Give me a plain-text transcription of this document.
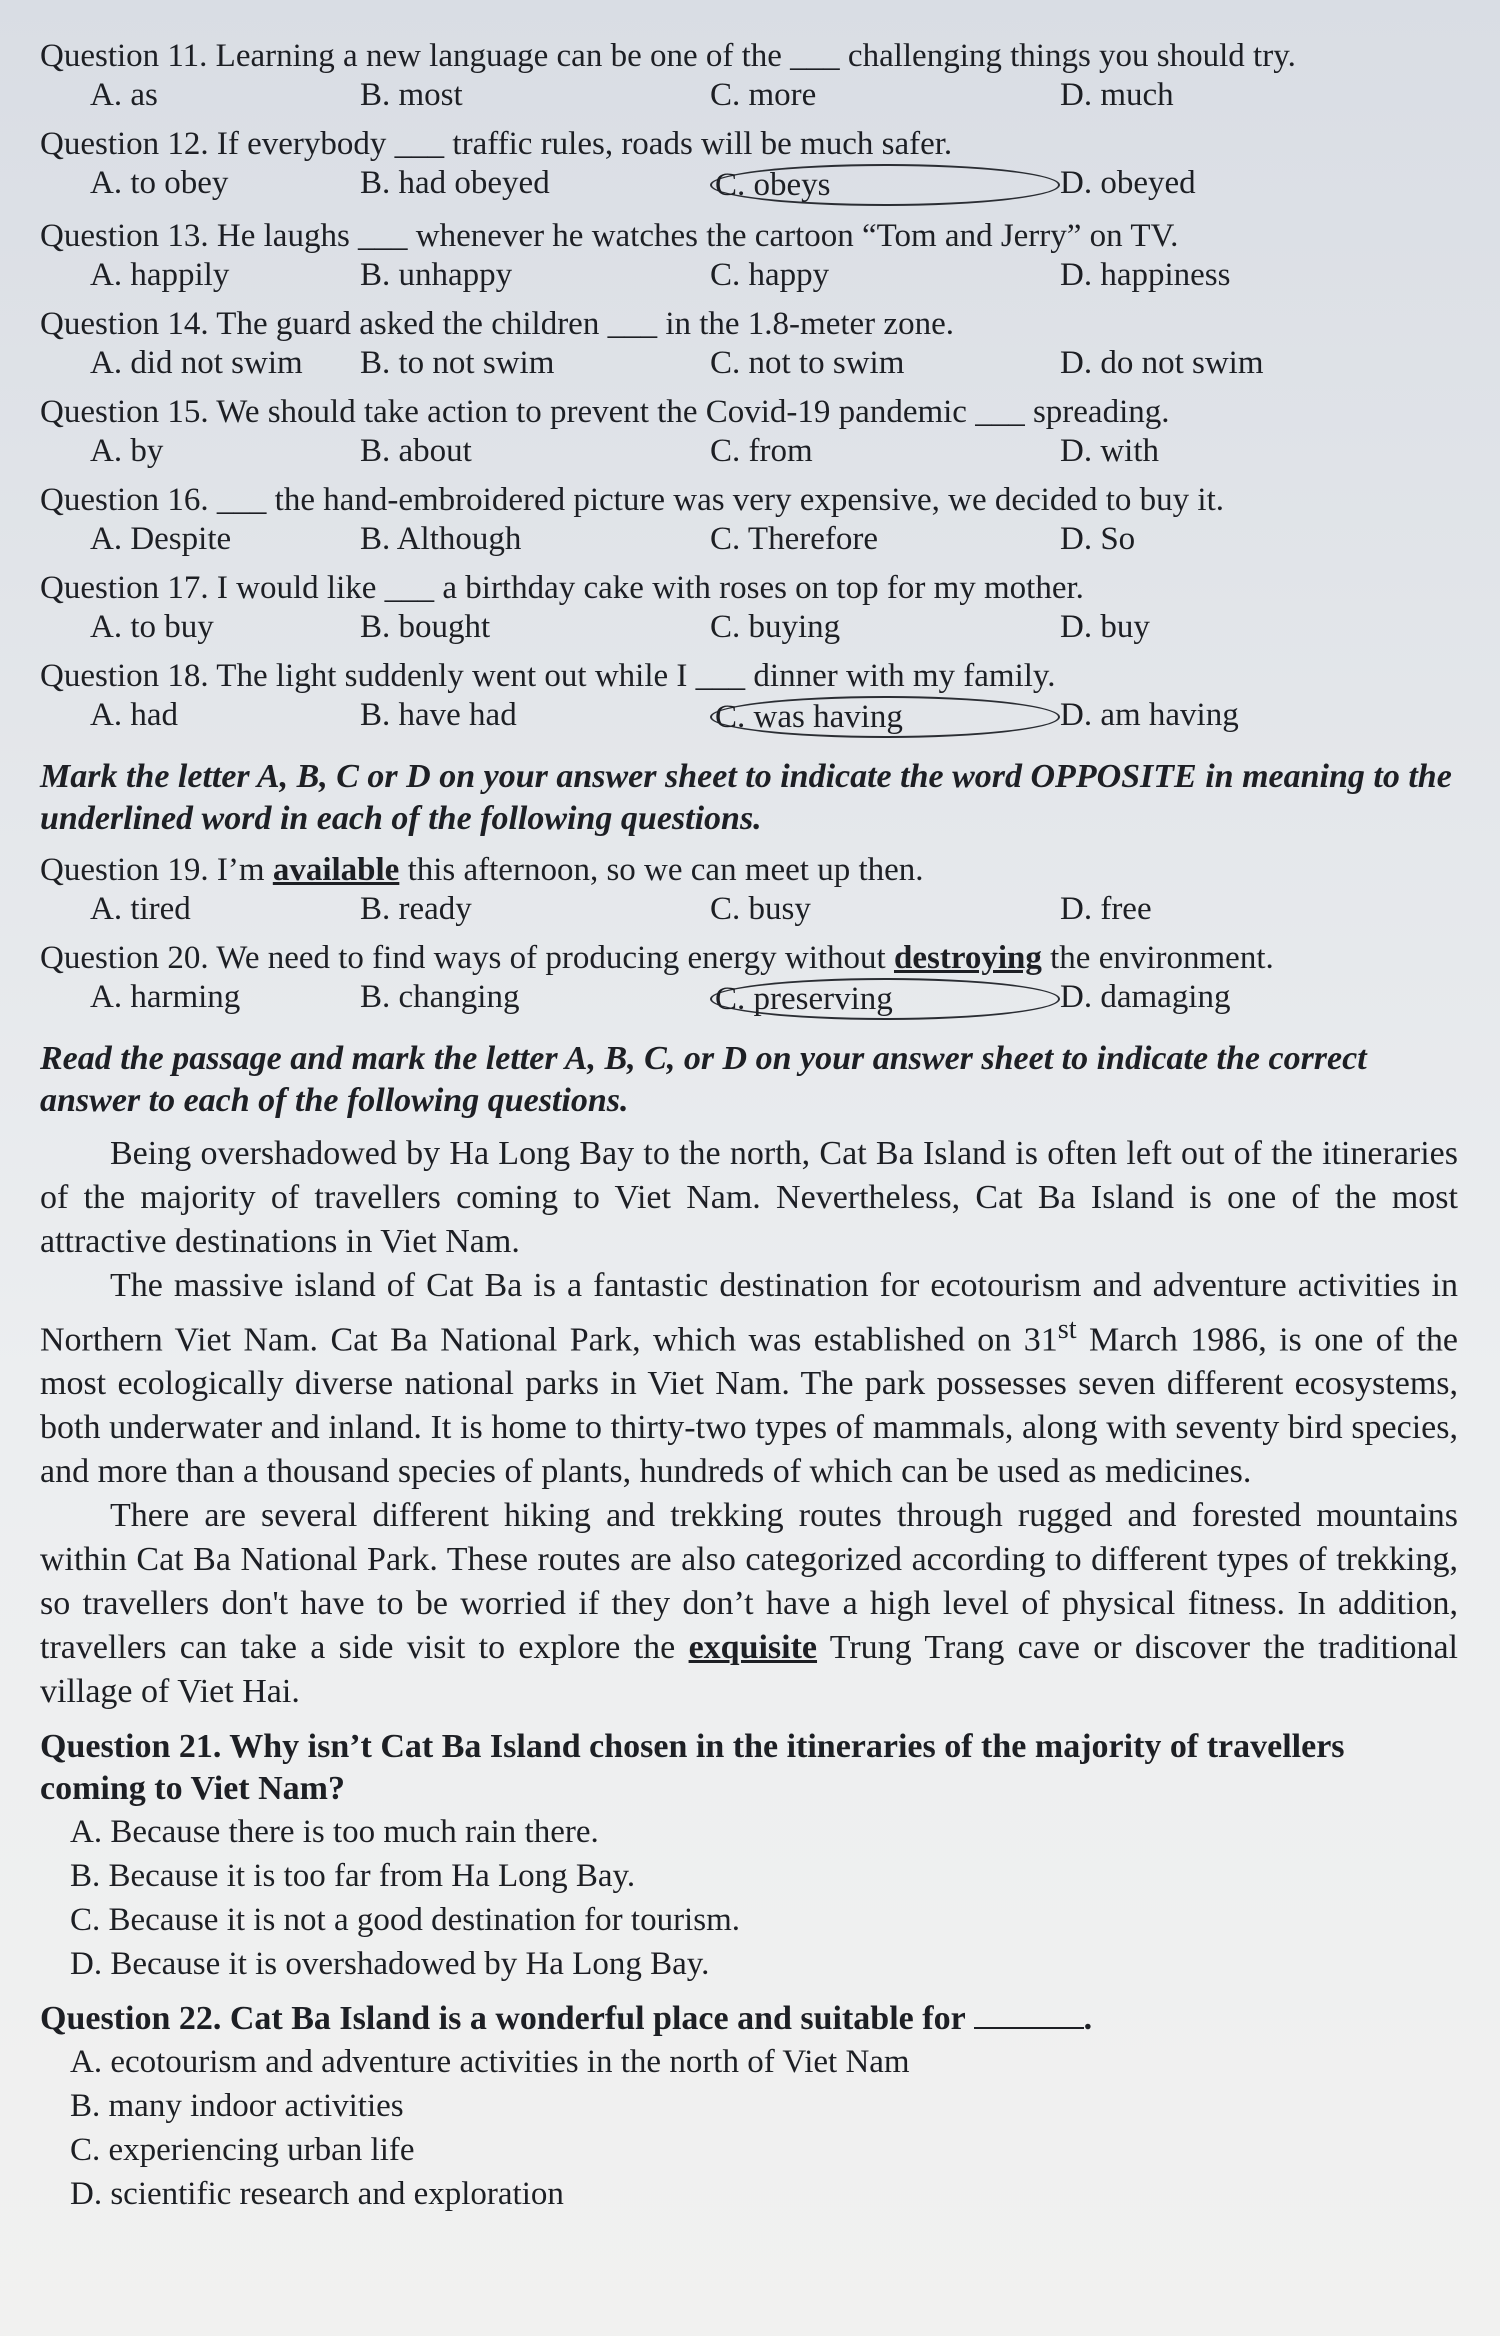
Question 11. Learning a new language can be one of the ___ challenging things you should try.
A. as	B. most	C. more	D. much
Question 12. If everybody ___ traffic rules, roads will be much safer.
A. to obey	B. had obeyed	C. obeys	D. obeyed
Question 13. He laughs ___ whenever he watches the cartoon “Tom and Jerry” on TV.
A. happily	B. unhappy	C. happy	D. happiness
Question 14. The guard asked the children ___ in the 1.8-meter zone.
A. did not swim	B. to not swim	C. not to swim	D. do not swim
Question 15. We should take action to prevent the Covid-19 pandemic ___ spreading.
A. by	B. about	C. from	D. with
Question 16. ___ the hand-embroidered picture was very expensive, we decided to buy it.
A. Despite	B. Although	C. Therefore	D. So
Question 17. I would like ___ a birthday cake with roses on top for my mother.
A. to buy	B. bought	C. buying	D. buy
Question 18. The light suddenly went out while I ___ dinner with my family.
A. had	B. have had	C. was having	D. am having
Mark the letter A, B, C or D on your answer sheet to indicate the word OPPOSITE in meaning to the underlined word in each of the following questions.
Question 19. I’m available this afternoon, so we can meet up then.
A. tired	B. ready	C. busy	D. free
Question 20. We need to find ways of producing energy without destroying the environment.
A. harming	B. changing	C. preserving	D. damaging
Read the passage and mark the letter A, B, C, or D on your answer sheet to indicate the correct answer to each of the following questions.

Being overshadowed by Ha Long Bay to the north, Cat Ba Island is often left out of the itineraries of the majority of travellers coming to Viet Nam. Nevertheless, Cat Ba Island is one of the most attractive destinations in Viet Nam.

The massive island of Cat Ba is a fantastic destination for ecotourism and adventure activities in Northern Viet Nam. Cat Ba National Park, which was established on 31st March 1986, is one of the most ecologically diverse national parks in Viet Nam. The park possesses seven different ecosystems, both underwater and inland. It is home to thirty-two types of mammals, along with seventy bird species, and more than a thousand species of plants, hundreds of which can be used as medicines.

There are several different hiking and trekking routes through rugged and forested mountains within Cat Ba National Park. These routes are also categorized according to different types of trekking, so travellers don't have to be worried if they don’t have a high level of physical fitness. In addition, travellers can take a side visit to explore the exquisite Trung Trang cave or discover the traditional village of Viet Hai.

Question 21. Why isn’t Cat Ba Island chosen in the itineraries of the majority of travellers coming to Viet Nam?
A. Because there is too much rain there.
B. Because it is too far from Ha Long Bay.
C. Because it is not a good destination for tourism.
D. Because it is overshadowed by Ha Long Bay.
Question 22. Cat Ba Island is a wonderful place and suitable for	.
A. ecotourism and adventure activities in the north of Viet Nam
B. many indoor activities
C. experiencing urban life
D. scientific research and exploration
